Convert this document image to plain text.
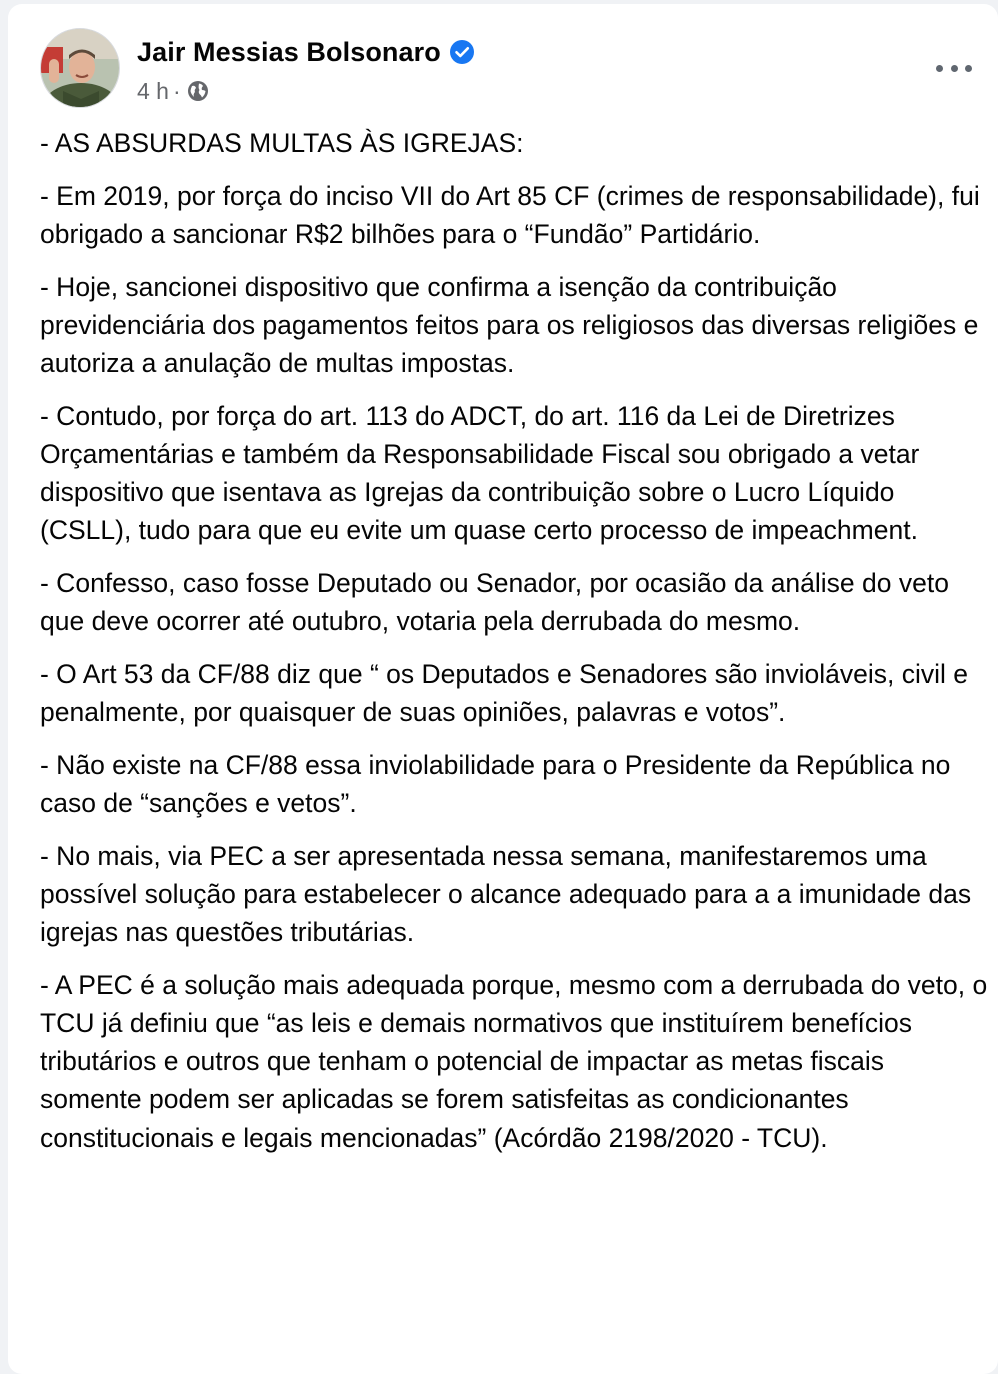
Jair Messias Bolsonaro
4 h ·

- AS ABSURDAS MULTAS ÀS IGREJAS:

- Em 2019, por força do inciso VII do Art 85 CF (crimes de responsabilidade), fui obrigado a sancionar R$2 bilhões para o “Fundão” Partidário.

- Hoje, sancionei dispositivo que confirma a isenção da contribuição previdenciária dos pagamentos feitos para os religiosos das diversas religiões e autoriza a anulação de multas impostas.

- Contudo, por força do art. 113 do ADCT, do art. 116 da Lei de Diretrizes Orçamentárias e também da Responsabilidade Fiscal sou obrigado a vetar dispositivo que isentava as Igrejas da contribuição sobre o Lucro Líquido (CSLL), tudo para que eu evite um quase certo processo de impeachment.

- Confesso, caso fosse Deputado ou Senador, por ocasião da análise do veto que deve ocorrer até outubro, votaria pela derrubada do mesmo.

- O Art 53 da CF/88 diz que “ os Deputados e Senadores são invioláveis, civil e penalmente, por quaisquer de suas opiniões, palavras e votos”.

- Não existe na CF/88 essa inviolabilidade para o Presidente da República no caso de “sanções e vetos”.

- No mais, via PEC a ser apresentada nessa semana, manifestaremos uma possível solução para estabelecer o alcance adequado para a a imunidade das igrejas nas questões tributárias.

- A PEC é a solução mais adequada porque, mesmo com a derrubada do veto, o TCU já definiu que “as leis e demais normativos que instituírem benefícios tributários e outros que tenham o potencial de impactar as metas fiscais somente podem ser aplicadas se forem satisfeitas as condicionantes constitucionais e legais mencionadas” (Acórdão 2198/2020 - TCU).
